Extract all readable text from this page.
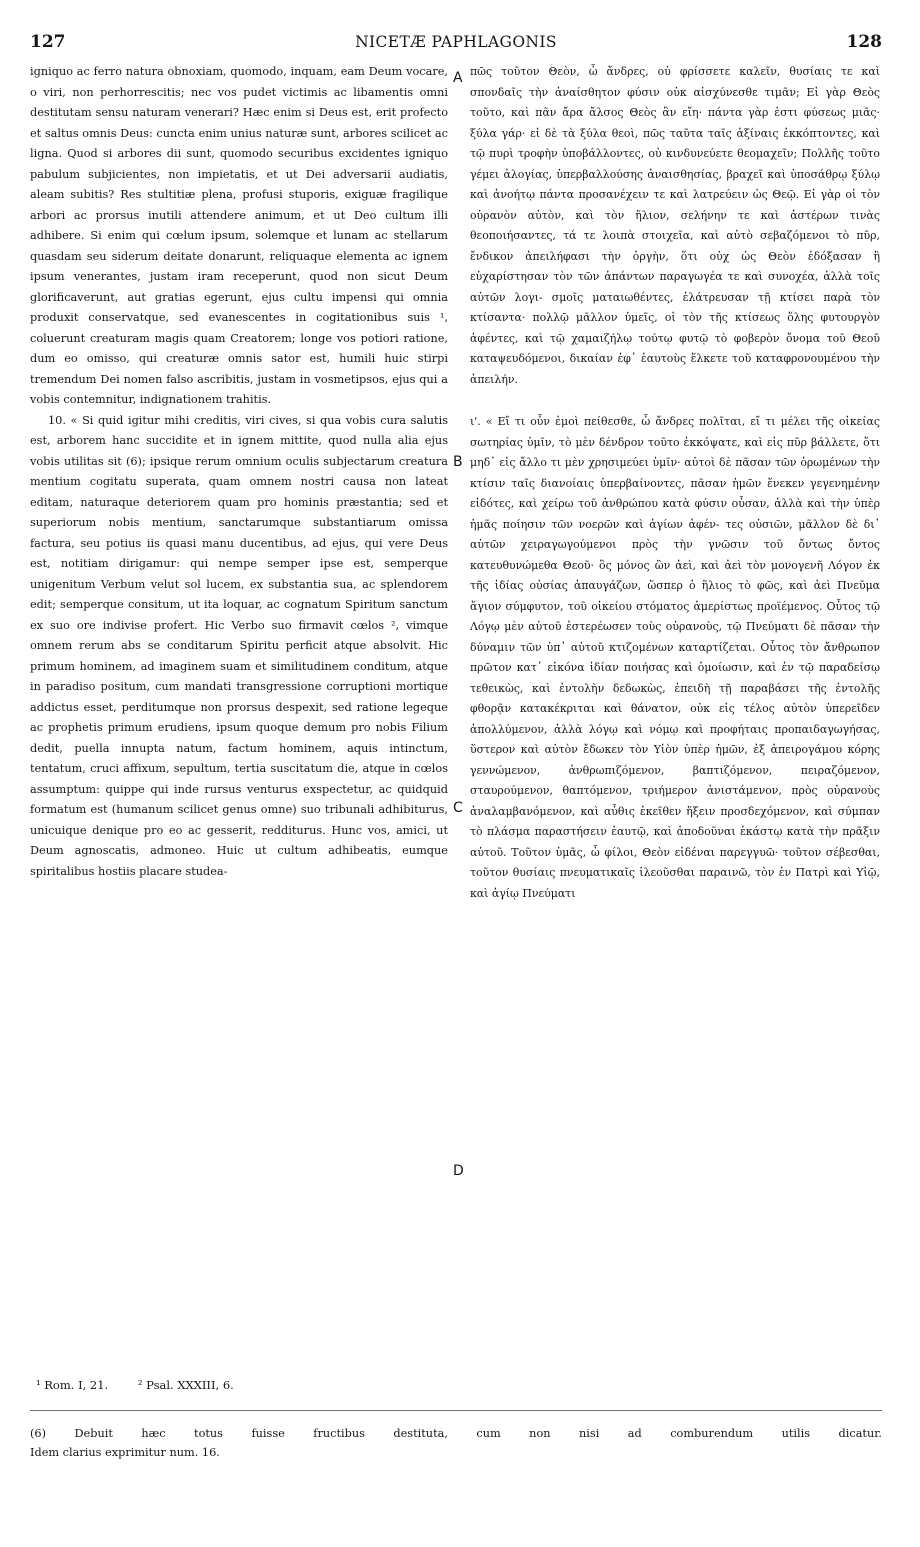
127	NICETÆ PAPHLAGONIS	128

igniquo ac ferro natura obnoxiam, quomodo, inquam, eam Deum vocare, o viri, non perhorrescitis; nec vos pudet victimis ac libamentis omni destitutam sensu naturam venerari? Hæc enim si Deus est, erit profecto et saltus omnis Deus: cuncta enim unius naturæ sunt, arbores scilicet ac ligna. Quod si arbores dii sunt, quomodo securibus excidentes igniquo pabulum subjicientes, non impietatis, et ut Dei adversarii audiatis, aleam subitis? Res stultitiæ plena, profusi stuporis, exiguæ fragilique arbori ac prorsus inutili attendere animum, et ut Deo cultum illi adhibere. Si enim qui cœlum ipsum, solemque et lunam ac stellarum quasdam seu siderum deitate donarunt, reliquaque elementa ac ignem ipsum venerantes, justam iram receperunt, quod non sicut Deum glorificaverunt, aut gratias egerunt, ejus cultu impensi qui omnia produxit conservatque, sed evanescentes in cogitationibus suis ¹, coluerunt creaturam magis quam Creatorem; longe vos potiori ratione, dum eo omisso, qui creaturæ omnis sator est, humili huic stirpi tremendum Dei nomen falso ascribitis, justam in vosmetipsos, ejus qui a vobis contemnitur, indignationem trahitis.

10. « Si quid igitur mihi creditis, viri cives, si qua vobis cura salutis est, arborem hanc succidite et in ignem mittite, quod nulla alia ejus vobis utilitas sit (6); ipsique rerum omnium oculis subjectarum creatura mentium cogitatu superata, quam omnem nostri causa non lateat editam, naturaque deteriorem quam pro hominis præstantia; sed et superiorum nobis mentium, sanctarumque substantiarum omissa factura, seu potius iis quasi manu ducentibus, ad ejus, qui vere Deus est, notitiam dirigamur: qui nempe semper ipse est, semperque unigenitum Verbum velut sol lucem, ex substantia sua, ac splendorem edit; semperque consitum, ut ita loquar, ac cognatum Spiritum sanctum ex suo ore indivise profert. Hic Verbo suo firmavit cœlos ², vimque omnem rerum abs se conditarum Spiritu perficit atque absolvit. Hic primum hominem, ad imaginem suam et similitudinem conditum, atque in paradiso positum, cum mandati transgressione corruptioni mortique addictus esset, perditumque non prorsus despexit, sed ratione legeque ac prophetis primum erudiens, ipsum quoque demum pro nobis Filium dedit, puella innupta natum, factum hominem, aquis intinctum, tentatum, cruci affixum, sepultum, tertia suscitatum die, atque in cœlos assumptum: quippe qui inde rursus venturus exspectetur, ac quidquid formatum est (humanum scilicet genus omne) suo tribunali adhibiturus, unicuique denique pro eo ac gesserit, redditurus. Hunc vos, amici, ut Deum agnoscatis, admoneo. Huic ut cultum adhibeatis, eumque spiritalibus hostiis placare studea-

A
B
C
D

πῶς τοῦτον Θεὸν, ὦ ἄνδρες, οὐ φρίσσετε καλεῖν, θυσίαις τε καὶ σπονδαῖς τὴν ἀναίσθητον φύσιν οὐκ αἰσχύνεσθε τιμᾶν; Εἰ γὰρ Θεὸς τοῦτο, καὶ πᾶν ἄρα ἄλσος Θεὸς ἂν εἴη· πάντα γὰρ ἐστι φύσεως μιᾶς· ξύλα γάρ· εἰ δὲ τὰ ξύλα θεοὶ, πῶς ταῦτα ταῖς ἀξίναις ἐκκόπτοντες, καὶ τῷ πυρὶ τροφὴν ὑποβάλλοντες, οὐ κινδυνεύετε θεομαχεῖν; Πολλῆς τοῦτο γέμει ἀλογίας, ὑπερβαλλούσης ἀναισθησίας, βραχεῖ καὶ ὑποσάθρῳ ξύλῳ καὶ ἀνοήτῳ πάντα προσανέχειν τε καὶ λατρεύειν ὡς Θεῷ. Εἰ γὰρ οἱ τὸν οὐρανὸν αὐτὸν, καὶ τὸν ἥλιον, σελήνην τε καὶ ἀστέρων τινὰς θεοποιήσαντες, τά τε λοιπὰ στοιχεῖα, καὶ αὐτὸ σεβαζόμενοι τὸ πῦρ, ἔνδικον ἀπειλήφασι τὴν ὀργὴν, ὅτι οὐχ ὡς Θεὸν ἐδόξασαν ἢ εὐχαρίστησαν τὸν τῶν ἁπάντων παραγωγέα τε καὶ συνοχέα, ἀλλὰ τοῖς αὐτῶν λογι- σμοῖς ματαιωθέντες, ἐλάτρευσαν τῇ κτίσει παρὰ τὸν κτίσαντα· πολλῷ μᾶλλον ὑμεῖς, οἱ τὸν τῆς κτίσεως ὅλης φυτουργὸν ἀφέντες, καὶ τῷ χαμαιζήλῳ τούτῳ φυτῷ τὸ φοβερὸν ὄνομα τοῦ Θεοῦ καταψευδόμενοι, δικαίαν ἐφ᾽ ἑαυτοὺς ἕλκετε τοῦ καταφρονουμένου τὴν ἀπειλήν.

ι'. « Εἴ τι οὖν ἐμοὶ πείθεσθε, ὦ ἄνδρες πολῖται, εἴ τι μέλει τῆς οἰκείας σωτηρίας ὑμῖν, τὸ μὲν δένδρον τοῦτο ἐκκόψατε, καὶ εἰς πῦρ βάλλετε, ὅτι μηδ᾽ εἰς ἄλλο τι μὲν χρησιμεύει ὑμῖν· αὐτοὶ δὲ πᾶσαν τῶν ὁρωμένων τὴν κτίσιν ταῖς διανοίαις ὑπερβαίνοντες, πᾶσαν ἡμῶν ἕνεκεν γεγενημένην εἰδότες, καὶ χείρω τοῦ ἀνθρώπου κατὰ φύσιν οὖσαν, ἀλλὰ καὶ τὴν ὑπὲρ ἡμᾶς ποίησιν τῶν νοερῶν καὶ ἁγίων ἀφέν- τες οὐσιῶν, μᾶλλον δὲ δι᾽ αὐτῶν χειραγωγούμενοι πρὸς τὴν γνῶσιν τοῦ ὄντως ὄντος κατευθυνώμεθα Θεοῦ· ὃς μόνος ὢν ἀεὶ, καὶ ἀεὶ τὸν μονογενῆ Λόγον ἐκ τῆς ἰδίας οὐσίας ἀπαυγάζων, ὥσπερ ὁ ἥλιος τὸ φῶς, καὶ ἀεὶ Πνεῦμα ἅγιον σύμφυτον, τοῦ οἰκείου στόματος ἀμερίστως προϊέμενος. Οὗτος τῷ Λόγῳ μὲν αὐτοῦ ἐστερέωσεν τοὺς οὐρανοὺς, τῷ Πνεύματι δὲ πᾶσαν τὴν δύναμιν τῶν ὑπ᾽ αὐτοῦ κτιζομένων καταρτίζεται. Οὗτος τὸν ἄνθρωπον πρῶτον κατ᾽ εἰκόνα ἰδίαν ποιήσας καὶ ὁμοίωσιν, καὶ ἐν τῷ παραδείσῳ τεθεικὼς, καὶ ἐντολὴν δεδωκὼς, ἐπειδὴ τῇ παραβάσει τῆς ἐντολῆς φθορᾷν κατακέκριται καὶ θάνατον, οὐκ εἰς τέλος αὐτὸν ὑπερεῖδεν ἀπολλύμενον, ἀλλὰ λόγῳ καὶ νόμῳ καὶ προφήταις προπαιδαγωγήσας, ὕστερον καὶ αὐτὸν ἔδωκεν τὸν Υἱὸν ὑπὲρ ἡμῶν, ἐξ ἀπειρογάμου κόρης γεννώμενον, ἀνθρωπιζόμενον, βαπτιζόμενον, πειραζόμενον, σταυρούμενον, θαπτόμενον, τριήμερον ἀνιστάμενον, πρὸς οὐρανοὺς ἀναλαμβανόμενον, καὶ αὖθις ἐκεῖθεν ἥξειν προσδεχόμενον, καὶ σύμπαν τὸ πλάσμα παραστήσειν ἑαυτῷ, καὶ ἀποδοῦναι ἑκάστῳ κατὰ τὴν πρᾶξιν αὐτοῦ. Τοῦτον ὑμᾶς, ὦ φίλοι, Θεὸν εἰδέναι παρεγγυῶ· τοῦτον σέβεσθαι, τοῦτον θυσίαις πνευματικαῖς ἱλεοῦσθαι παραινῶ, τὸν ἐν Πατρὶ καὶ Υἱῷ, καὶ ἁγίῳ Πνεύματι

¹ Rom. I, 21.	² Psal. XXXIII, 6.

(6) Debuit hæc totus fuisse fructibus destituta, cum non nisi ad comburendum utilis dicatur.

Idem clarius exprimitur num. 16.
